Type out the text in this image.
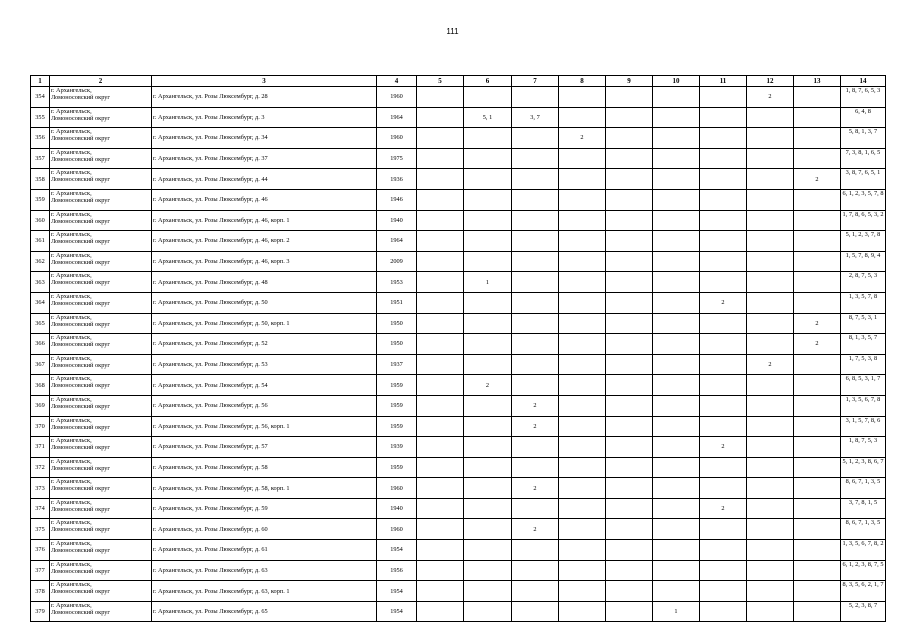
111
1	2	3	4	5	6	7	8	9	10	11	12	13	14
354	г. Архангельск,
Ломоносовский округ	г. Архангельск, ул. Розы Люксембург, д. 28	1960								2		1, 8, 7, 6, 5, 3
355	г. Архангельск,
Ломоносовский округ	г. Архангельск, ул. Розы Люксембург, д. 3	1964		5, 1	3, 7							6, 4, 8
356	г. Архангельск,
Ломоносовский округ	г. Архангельск, ул. Розы Люксембург, д. 34	1960				2						5, 8, 1, 3, 7
357	г. Архангельск,
Ломоносовский округ	г. Архангельск, ул. Розы Люксембург, д. 37	1975										7, 3, 8, 1, 6, 5
358	г. Архангельск,
Ломоносовский округ	г. Архангельск, ул. Розы Люксембург, д. 44	1936									2	3, 8, 7, 6, 5, 1
359	г. Архангельск,
Ломоносовский округ	г. Архангельск, ул. Розы Люксембург, д. 46	1946										6, 1, 2, 3, 5, 7, 8
360	г. Архангельск,
Ломоносовский округ	г. Архангельск, ул. Розы Люксембург, д. 46, корп. 1	1940										1, 7, 8, 6, 5, 3, 2
361	г. Архангельск,
Ломоносовский округ	г. Архангельск, ул. Розы Люксембург, д. 46, корп. 2	1964										5, 1, 2, 3, 7, 8
362	г. Архангельск,
Ломоносовский округ	г. Архангельск, ул. Розы Люксембург, д. 46, корп. 3	2009										1, 5, 7, 8, 9, 4
363	г. Архангельск,
Ломоносовский округ	г. Архангельск, ул. Розы Люксембург, д. 48	1953		1								2, 8, 7, 5, 3
364	г. Архангельск,
Ломоносовский округ	г. Архангельск, ул. Розы Люксембург, д. 50	1951							2			1, 3, 5, 7, 8
365	г. Архангельск,
Ломоносовский округ	г. Архангельск, ул. Розы Люксембург, д. 50, корп. 1	1950									2	8, 7, 5, 3, 1
366	г. Архангельск,
Ломоносовский округ	г. Архангельск, ул. Розы Люксембург, д. 52	1950									2	8, 1, 3, 5, 7
367	г. Архангельск,
Ломоносовский округ	г. Архангельск, ул. Розы Люксембург, д. 53	1937								2		1, 7, 5, 3, 8
368	г. Архангельск,
Ломоносовский округ	г. Архангельск, ул. Розы Люксембург, д. 54	1959		2								6, 8, 5, 3, 1, 7
369	г. Архангельск,
Ломоносовский округ	г. Архангельск, ул. Розы Люксембург, д. 56	1959			2							1, 3, 5, 6, 7, 8
370	г. Архангельск,
Ломоносовский округ	г. Архангельск, ул. Розы Люксембург, д. 56, корп. 1	1959			2							3, 1, 5, 7, 8, 6
371	г. Архангельск,
Ломоносовский округ	г. Архангельск, ул. Розы Люксембург, д. 57	1939							2			1, 8, 7, 5, 3
372	г. Архангельск,
Ломоносовский округ	г. Архангельск, ул. Розы Люксембург, д. 58	1959										5, 1, 2, 3, 8, 6, 7
373	г. Архангельск,
Ломоносовский округ	г. Архангельск, ул. Розы Люксембург, д. 58, корп. 1	1960			2							8, 6, 7, 1, 3, 5
374	г. Архангельск,
Ломоносовский округ	г. Архангельск, ул. Розы Люксембург, д. 59	1940							2			3, 7, 8, 1, 5
375	г. Архангельск,
Ломоносовский округ	г. Архангельск, ул. Розы Люксембург, д. 60	1960			2							8, 6, 7, 1, 3, 5
376	г. Архангельск,
Ломоносовский округ	г. Архангельск, ул. Розы Люксембург, д. 61	1954										1, 3, 5, 6, 7, 8, 2
377	г. Архангельск,
Ломоносовский округ	г. Архангельск, ул. Розы Люксембург, д. 63	1956										6, 1, 2, 3, 8, 7, 5
378	г. Архангельск,
Ломоносовский округ	г. Архангельск, ул. Розы Люксембург, д. 63, корп. 1	1954										8, 3, 5, 6, 2, 1, 7
379	г. Архангельск,
Ломоносовский округ	г. Архангельск, ул. Розы Люксембург, д. 65	1954						1				5, 2, 3, 8, 7
